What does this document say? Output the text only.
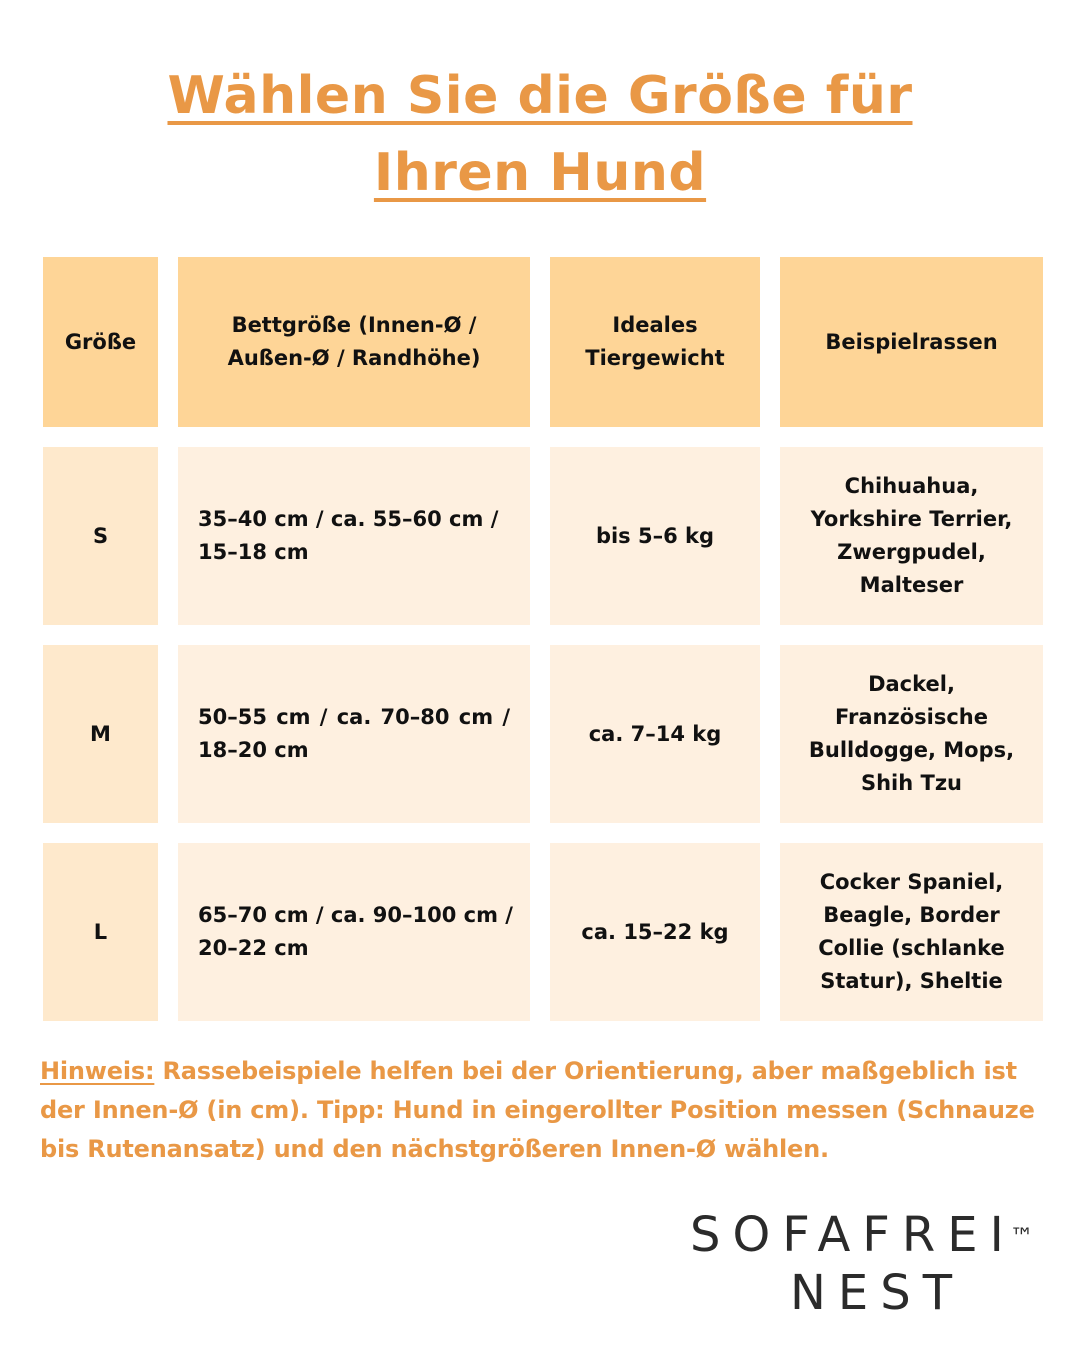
Wählen Sie die Größe für
Ihren Hund
Größe
Bettgröße (Innen-Ø / Außen-Ø / Randhöhe)
Ideales Tiergewicht
Beispielrassen
S
35–40 cm / ca. 55–60 cm / 15–18 cm
bis 5–6 kg
Chihuahua, Yorkshire Terrier, Zwergpudel, Malteser
M
50–55 cm / ca. 70–80 cm / 18–20 cm
ca. 7–14 kg
Dackel, Französische Bulldogge, Mops, Shih Tzu
L
65–70 cm / ca. 90–100 cm / 20–22 cm
ca. 15–22 kg
Cocker Spaniel, Beagle, Border Collie (schlanke Statur), Sheltie

Hinweis: Rassebeispiele helfen bei der Orientierung, aber maßgeblich ist der Innen-Ø (in cm). Tipp: Hund in eingerollter Position messen (Schnauze bis Rutenansatz) und den nächstgrößeren Innen-Ø wählen.

SOFAFREI™
NEST
